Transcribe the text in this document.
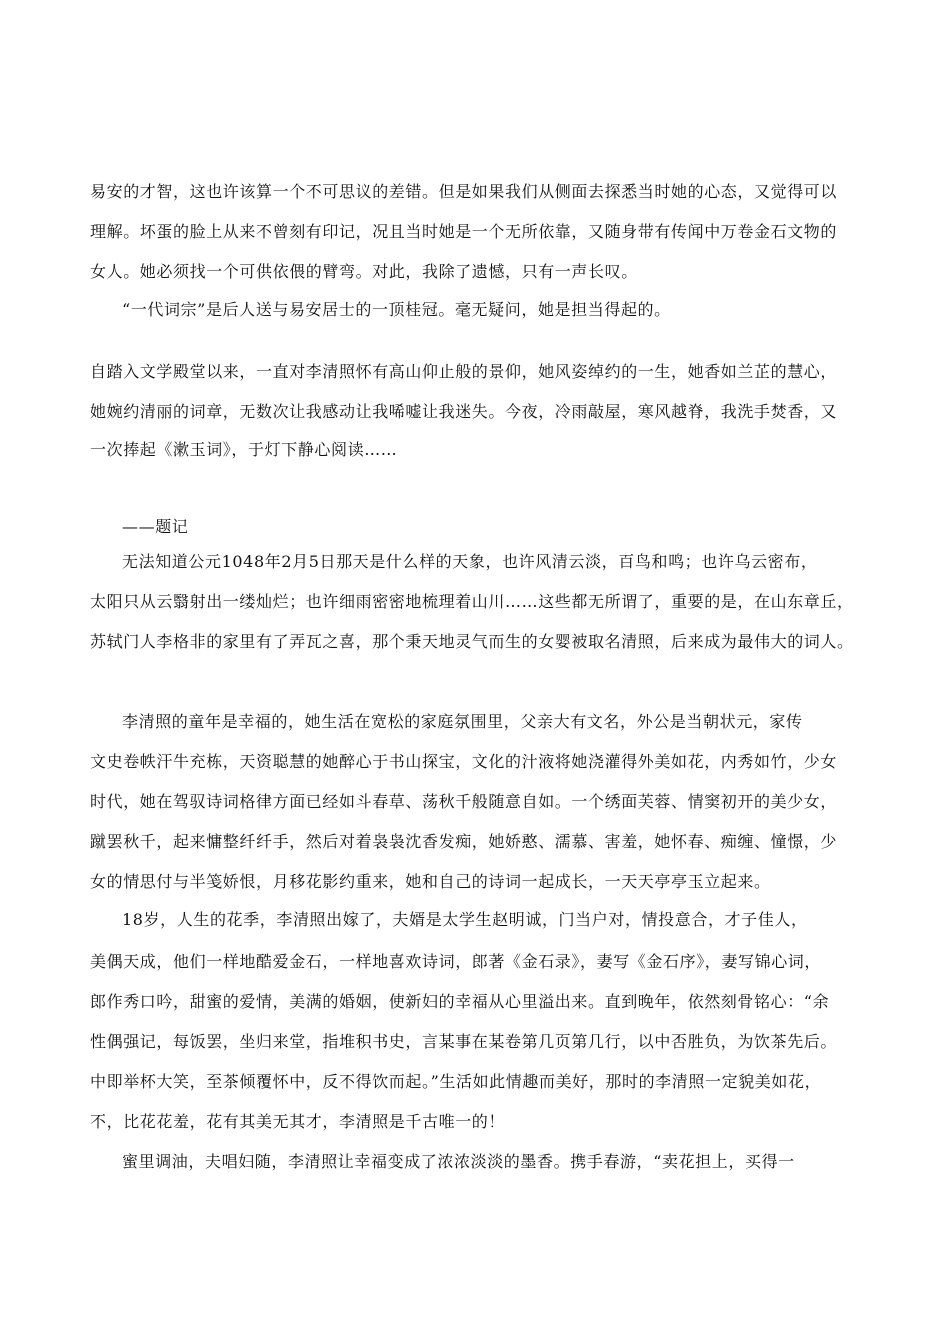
易安的才智，这也许该算一个不可思议的差错。但是如果我们从侧面去探悉当时她的心态，又觉得可以
理解。坏蛋的脸上从来不曾刻有印记，况且当时她是一个无所依靠，又随身带有传闻中万卷金石文物的
女人。她必须找一个可供依偎的臂弯。对此，我除了遗憾，只有一声长叹。
“一代词宗”是后人送与易安居士的一顶桂冠。毫无疑问，她是担当得起的。
自踏入文学殿堂以来，一直对李清照怀有高山仰止般的景仰，她风姿绰约的一生，她香如兰芷的慧心，
她婉约清丽的词章，无数次让我感动让我唏嘘让我迷失。今夜，冷雨敲屋，寒风越脊，我洗手焚香，又
一次捧起《漱玉词》，于灯下静心阅读……
——题记
无法知道公元1048年2月5日那天是什么样的天象，也许风清云淡，百鸟和鸣；也许乌云密布，
太阳只从云翳射出一缕灿烂；也许细雨密密地梳理着山川……这些都无所谓了，重要的是，在山东章丘，
苏轼门人李格非的家里有了弄瓦之喜，那个秉天地灵气而生的女婴被取名清照，后来成为最伟大的词人。
李清照的童年是幸福的，她生活在宽松的家庭氛围里，父亲大有文名，外公是当朝状元，家传
文史卷帙汗牛充栋，天资聪慧的她醉心于书山探宝，文化的汁液将她浇灌得外美如花，内秀如竹，少女
时代，她在驾驭诗词格律方面已经如斗春草、荡秋千般随意自如。一个绣面芙蓉、情窦初开的美少女，
蹴罢秋千，起来慵整纤纤手，然后对着袅袅沈香发痴，她娇憨、濡慕、害羞，她怀春、痴缠、憧憬，少
女的情思付与半笺娇恨，月移花影约重来，她和自己的诗词一起成长，一天天亭亭玉立起来。
18岁，人生的花季，李清照出嫁了，夫婿是太学生赵明诚，门当户对，情投意合，才子佳人，
美偶天成，他们一样地酷爱金石，一样地喜欢诗词，郎著《金石录》，妻写《金石序》，妻写锦心词，
郎作秀口吟，甜蜜的爱情，美满的婚姻，使新妇的幸福从心里溢出来。直到晚年，依然刻骨铭心：“余
性偶强记，每饭罢，坐归来堂，指堆积书史，言某事在某卷第几页第几行，以中否胜负，为饮茶先后。
中即举杯大笑，至茶倾覆怀中，反不得饮而起。”生活如此情趣而美好，那时的李清照一定貌美如花，
不，比花花羞，花有其美无其才，李清照是千古唯一的！
蜜里调油，夫唱妇随，李清照让幸福变成了浓浓淡淡的墨香。携手春游，“卖花担上，买得一
